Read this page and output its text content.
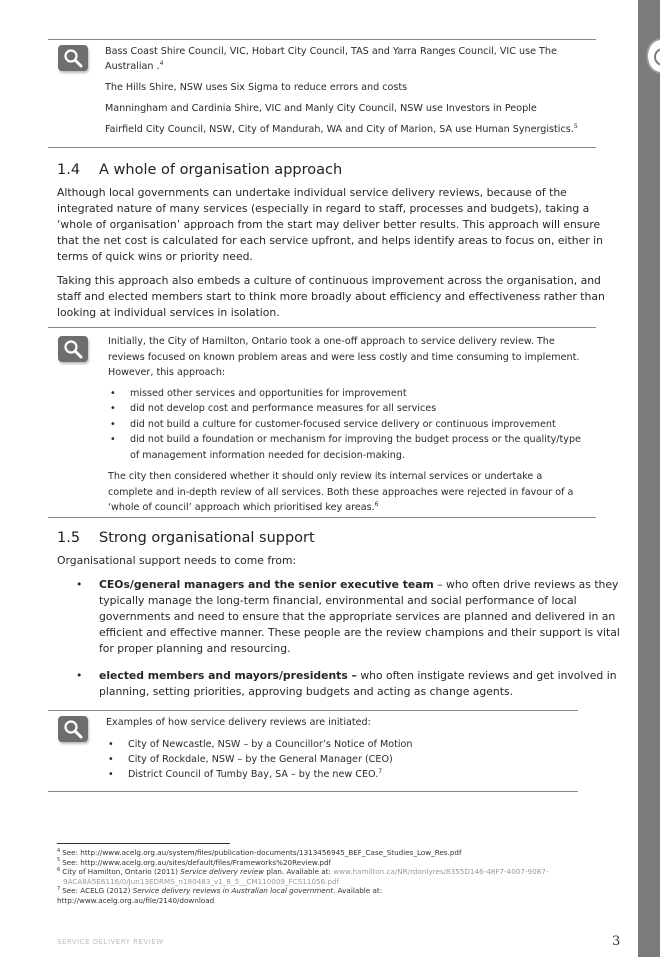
Bass Coast Shire Council, VIC, Hobart City Council, TAS and Yarra Ranges Council, VIC use The

Australian .$^4$

The Hills Shire, NSW uses Six Sigma to reduce errors and costs

Manningham and Cardinia Shire, VIC and Manly City Council, NSW use Investors in People

Fairfield City Council, NSW, City of Mandurah, WA and City of Marion, SA use Human Synergistics.$^5$

1.4 A whole of organisation approach

Although local governments can undertake individual service delivery reviews, because of the integrated nature of many services (especially in regard to staff, processes and budgets), taking a ‘whole of organisation’ approach from the start may deliver better results. This approach will ensure that the net cost is calculated for each service upfront, and helps identify areas to focus on, either in terms of quick wins or priority need.

Taking this approach also embeds a culture of continuous improvement across the organisation, and staff and elected members start to think more broadly about efficiency and effectiveness rather than looking at individual services in isolation.

Initially, the City of Hamilton, Ontario took a one-off approach to service delivery review. The reviews focused on known problem areas and were less costly and time consuming to implement. However, this approach:

• missed other services and opportunities for improvement
• did not develop cost and performance measures for all services
• did not build a culture for customer-focused service delivery or continuous improvement
• did not build a foundation or mechanism for improving the budget process or the quality/type of management information needed for decision-making.

The city then considered whether it should only review its internal services or undertake a complete and in-depth review of all services. Both these approaches were rejected in favour of a ‘whole of council’ approach which prioritised key areas.$^6$

1.5 Strong organisational support

Organisational support needs to come from:

• CEOs/general managers and the senior executive team – who often drive reviews as they typically manage the long-term financial, environmental and social performance of local governments and need to ensure that the appropriate services are planned and delivered in an efficient and effective manner. These people are the review champions and their support is vital for proper planning and resourcing.
• elected members and mayors/presidents – who often instigate reviews and get involved in planning, setting priorities, approving budgets and acting as change agents.

Examples of how service delivery reviews are initiated:

• City of Newcastle, NSW – by a Councillor’s Notice of Motion
• City of Rockdale, NSW – by the General Manager (CEO)
• District Council of Tumby Bay, SA – by the new CEO.$^7$

$^4$ See: http://www.acelg.org.au/system/files/publication-documents/1313456945_BEF_Case_Studies_Low_Res.pdf

$^5$ See: http://www.acelg.org.au/sites/default/files/Frameworks%20Review.pdf

$^6$ City of Hamilton, Ontario (2011) Service delivery review plan. Available at: www.hamilton.ca/NR/rdonlyres/8355D146-48F7-4007-9087-

9ACA8A5E6116/0/Jun13EDRMS_n180483_v1_8_5__CM110009_FCS11056.pdf

$^7$ See: ACELG (2012) Service delivery reviews in Australian local government. Available at:

http://www.acelg.org.au/file/2140/download

SERVICE DELIVERY REVIEW	3
